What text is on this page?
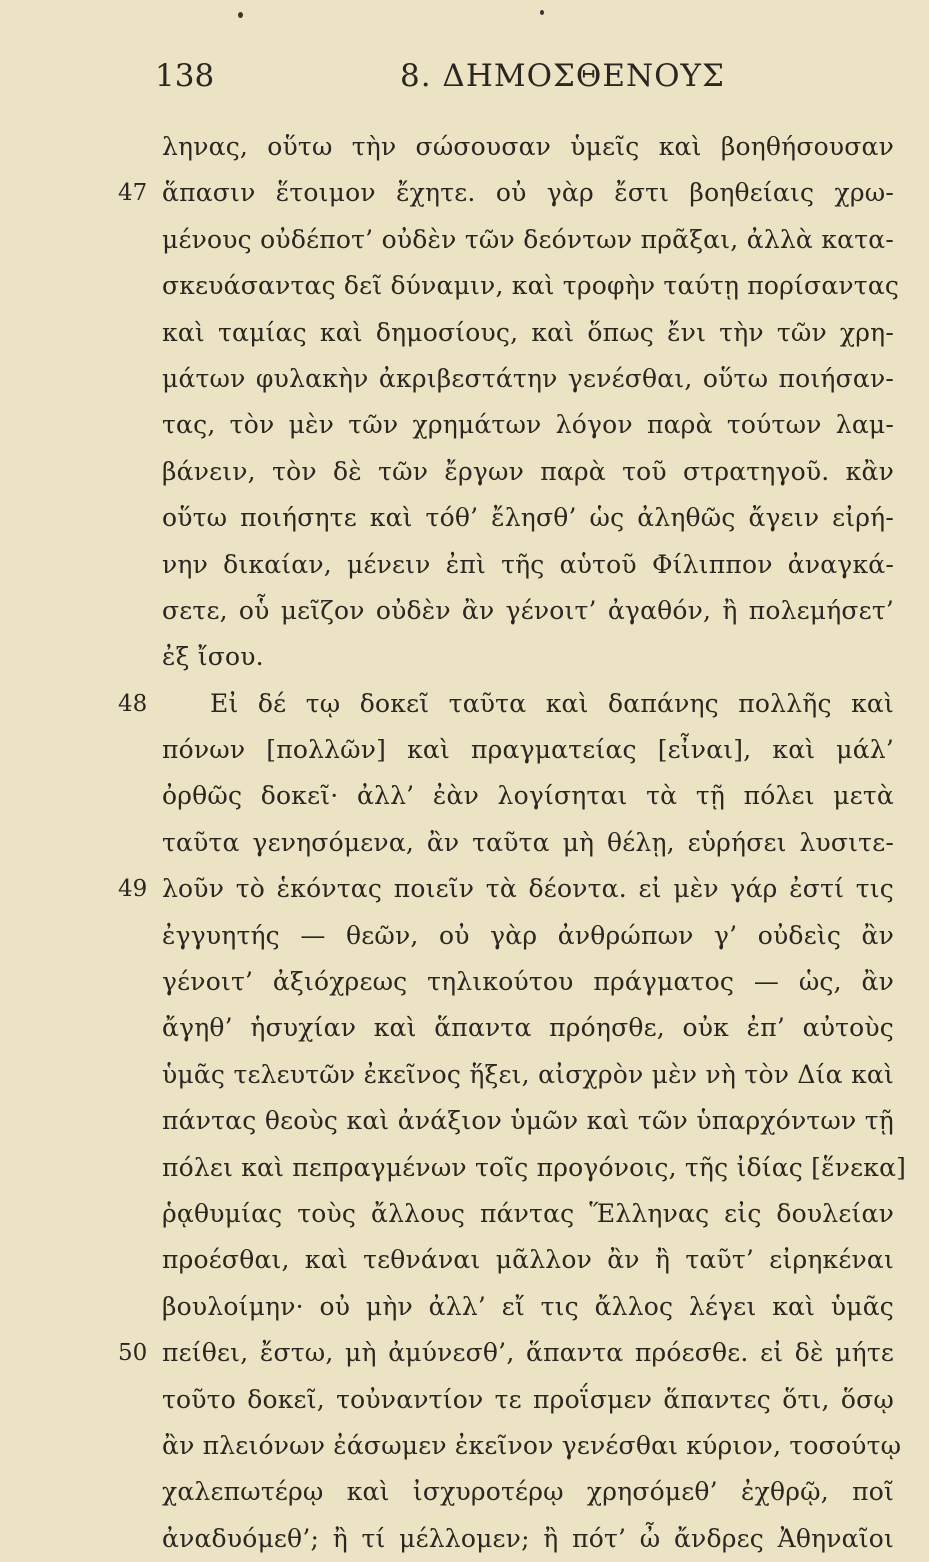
138	8. ΔΗΜΟΣΘΕΝΟΥΣ
ληνας, οὕτω τὴν σώσουσαν ὑμεῖς καὶ βοηθήσουσαν
47 ἅπασιν ἕτοιμον ἔχητε. οὐ γὰρ ἔστι βοηθείαις χρω-
μένους οὐδέποτ’ οὐδὲν τῶν δεόντων πρᾶξαι, ἀλλὰ κατα-
σκευάσαντας δεῖ δύναμιν, καὶ τροφὴν ταύτῃ πορίσαντας
καὶ ταμίας καὶ δημοσίους, καὶ ὅπως ἔνι τὴν τῶν χρη-
μάτων φυλακὴν ἀκριβεστάτην γενέσθαι, οὕτω ποιήσαν-
τας, τὸν μὲν τῶν χρημάτων λόγον παρὰ τούτων λαμ-
βάνειν, τὸν δὲ τῶν ἔργων παρὰ τοῦ στρατηγοῦ. κἂν
οὕτω ποιήσητε καὶ τόθ’ ἔλησθ’ ὡς ἀληθῶς ἄγειν εἰρή-
νην δικαίαν, μένειν ἐπὶ τῆς αὑτοῦ Φίλιππον ἀναγκά-
σετε, οὗ μεῖζον οὐδὲν ἂν γένοιτ’ ἀγαθόν, ἢ πολεμήσετ’
ἐξ ἴσου.
48	Εἰ δέ τῳ δοκεῖ ταῦτα καὶ δαπάνης πολλῆς καὶ
πόνων [πολλῶν] καὶ πραγματείας [εἶναι], καὶ μάλ’
ὀρθῶς δοκεῖ· ἀλλ’ ἐὰν λογίσηται τὰ τῇ πόλει μετὰ
ταῦτα γενησόμενα, ἂν ταῦτα μὴ θέλῃ, εὑρήσει λυσιτε-
49 λοῦν τὸ ἑκόντας ποιεῖν τὰ δέοντα. εἰ μὲν γάρ ἐστί τις
ἐγγυητής — θεῶν, οὐ γὰρ ἀνθρώπων γ’ οὐδεὶς ἂν
γένοιτ’ ἀξιόχρεως τηλικούτου πράγματος — ὡς, ἂν
ἄγηθ’ ἡσυχίαν καὶ ἅπαντα πρόησθε, οὐκ ἐπ’ αὐτοὺς
ὑμᾶς τελευτῶν ἐκεῖνος ἥξει, αἰσχρὸν μὲν νὴ τὸν Δία καὶ
πάντας θεοὺς καὶ ἀνάξιον ὑμῶν καὶ τῶν ὑπαρχόντων τῇ
πόλει καὶ πεπραγμένων τοῖς προγόνοις, τῆς ἰδίας [ἕνεκα]
ῥᾳθυμίας τοὺς ἄλλους πάντας Ἕλληνας εἰς δουλείαν
προέσθαι, καὶ τεθνάναι μᾶλλον ἂν ἢ ταῦτ’ εἰρηκέναι
βουλοίμην· οὐ μὴν ἀλλ’ εἴ τις ἄλλος λέγει καὶ ὑμᾶς
50 πείθει, ἔστω, μὴ ἀμύνεσθ’, ἅπαντα πρόεσθε. εἰ δὲ μήτε
τοῦτο δοκεῖ, τοὐναντίον τε προΐσμεν ἅπαντες ὅτι, ὅσῳ
ἂν πλειόνων ἐάσωμεν ἐκεῖνον γενέσθαι κύριον, τοσούτῳ
χαλεπωτέρῳ καὶ ἰσχυροτέρῳ χρησόμεθ’ ἐχθρῷ, ποῖ
ἀναδυόμεθ’; ἢ τί μέλλομεν; ἢ πότ’ ὦ ἄνδρες Ἀθηναῖοι
